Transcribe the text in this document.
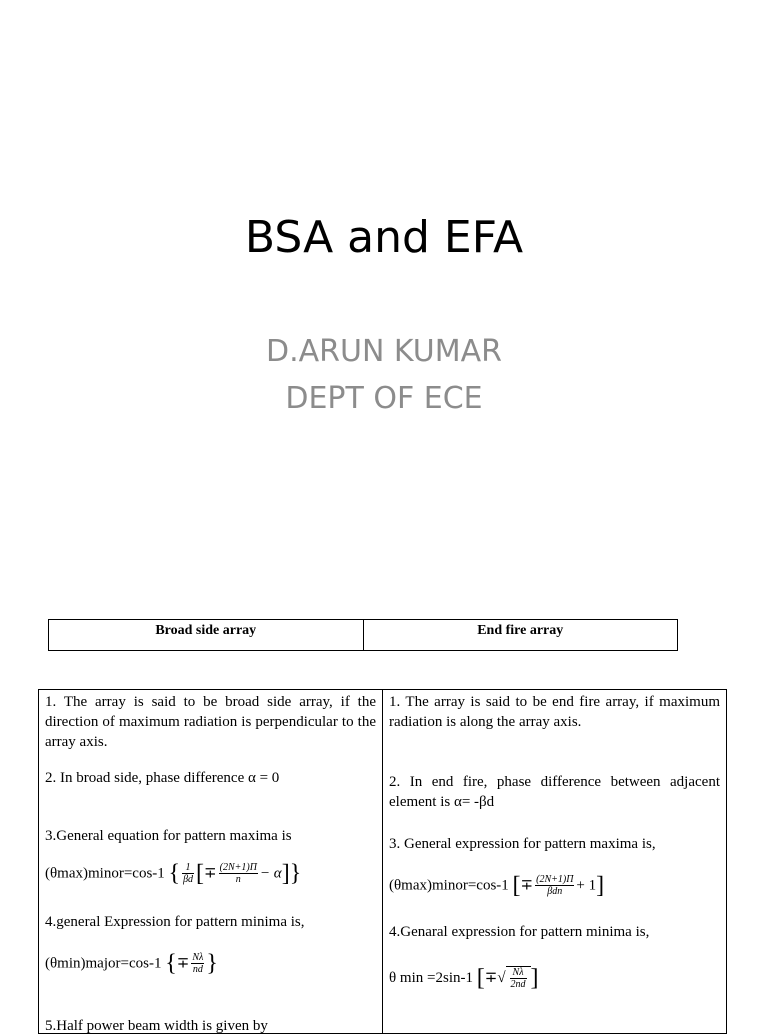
BSA and EFA
D.ARUN KUMAR
DEPT OF ECE
Broad side array	End fire array
1. The array is said to be broad side array, if the direction of maximum radiation is perpendicular to the array axis.
2. In broad side, phase difference α = 0
3.General equation for pattern maxima is
(θmax)minor=cos-1 { $\frac{1}{\beta d}$ [∓ $\frac{(2N+1)\Pi}{n} - \alpha$]}
4.general Expression for pattern minima is,
(θmin)major=cos-1 {∓ $\frac{N\lambda}{nd}$ }
5.Half power beam width is given by
1. The array is said to be end fire array, if maximum radiation is along the array axis.
2. In end fire, phase difference between adjacent element is α= -βd
3. General expression for pattern maxima is,
(θmax)minor=cos-1 [∓ $\frac{(2N+1)\Pi}{\text{βdn}} + 1$]
4.Genaral expression for pattern minima is,
θ min =2sin-1 [∓√ $\frac{N\lambda}{2nd}$ ]
